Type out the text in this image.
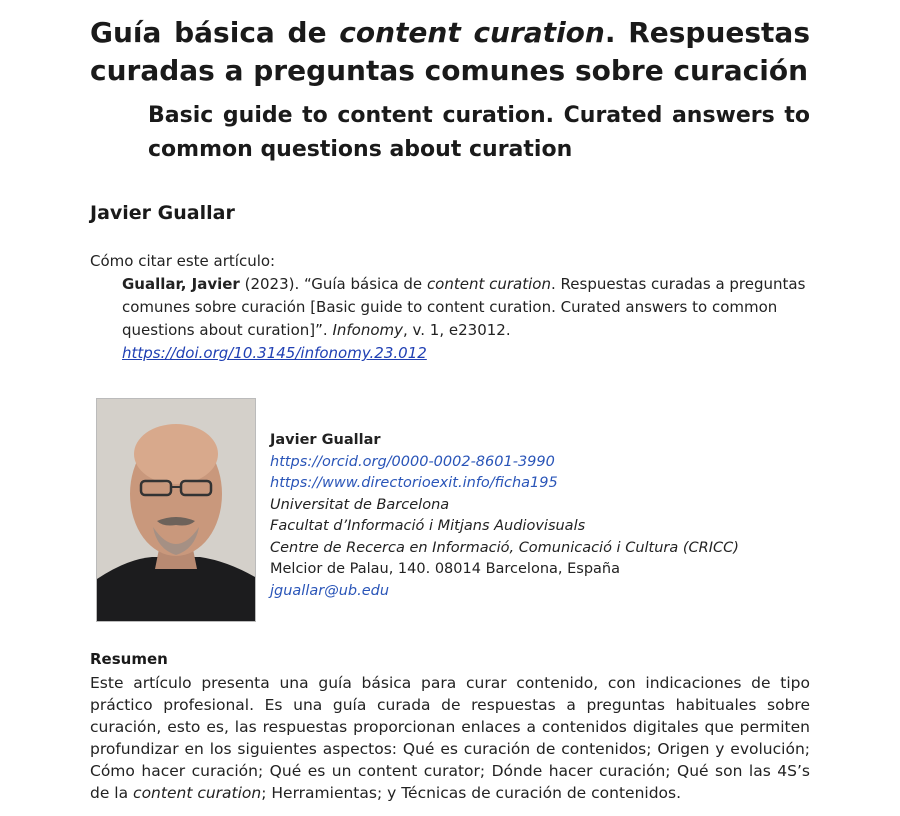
Guía básica de content curation. Respuestas curadas a preguntas comunes sobre curación
Basic guide to content curation. Curated answers to common questions about curation
Javier Guallar
Cómo citar este artículo:
Guallar, Javier (2023). “Guía básica de content curation. Respuestas curadas a preguntas comunes sobre curación [Basic guide to content curation. Curated answers to common questions about curation]”. Infonomy, v. 1, e23012.
https://doi.org/10.3145/infonomy.23.012
Javier Guallar
https://orcid.org/0000-0002-8601-3990
https://www.directorioexit.info/ficha195
Universitat de Barcelona
Facultat d’Informació i Mitjans Audiovisuals
Centre de Recerca en Informació, Comunicació i Cultura (CRICC)
Melcior de Palau, 140. 08014 Barcelona, España
jguallar@ub.edu
Resumen
Este artículo presenta una guía básica para curar contenido, con indicaciones de tipo práctico profesional. Es una guía curada de respuestas a preguntas habituales sobre curación, esto es, las respuestas proporcionan enlaces a contenidos digitales que permiten profundizar en los siguientes aspectos: Qué es curación de contenidos; Origen y evolución; Cómo hacer curación; Qué es un content curator; Dónde hacer curación; Qué son las 4S’s de la content curation; Herramientas; y Técnicas de curación de contenidos.
